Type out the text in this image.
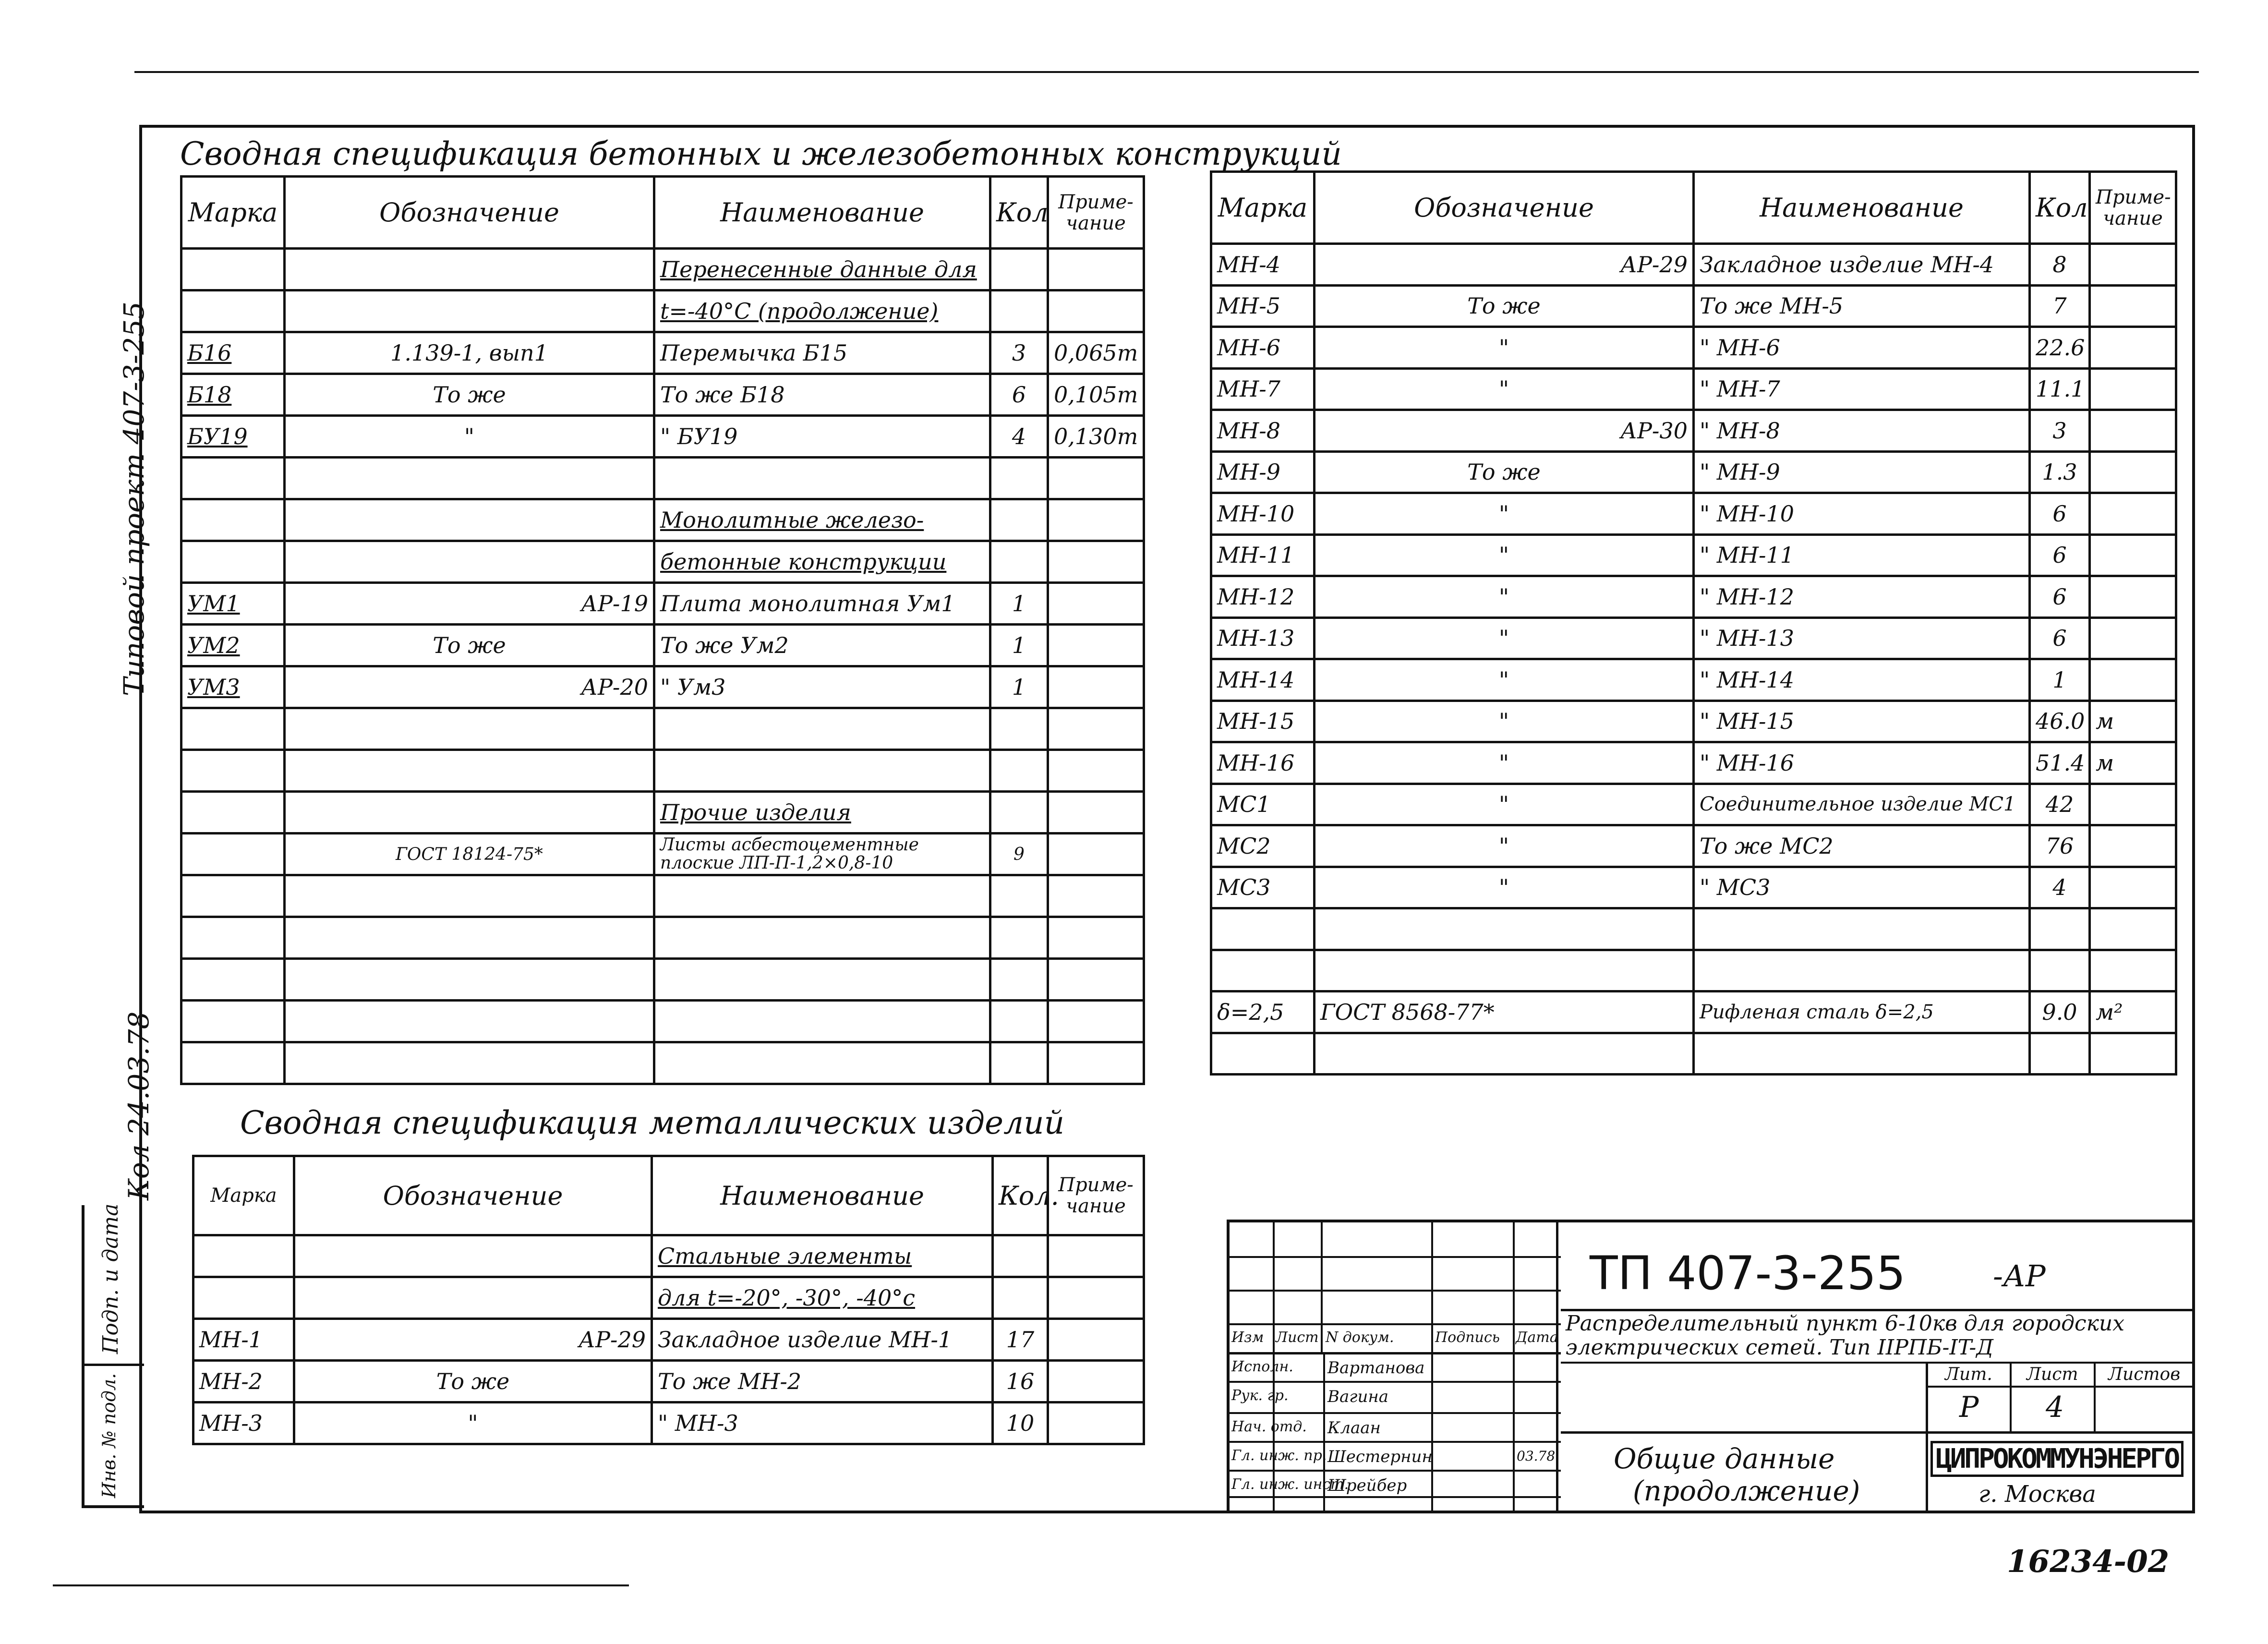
Типовой проект 407-3-255
Кол 24.03.78
Подп. и дата
Инв. № подл.
Сводная спецификация бетонных и железобетонных конструкций
Марка	Обозначение	Наименование	Кол	Приме-чание
		Перенесенные данные для		
		t=-40°С (продолжение)		
Б16	1.139-1, вып1	Перемычка Б15	3	0,065т
Б18	То же	То же Б18	6	0,105т
БУ19	"	" БУ19	4	0,130т

		Монолитные железо-		
		бетонные конструкции		
УМ1	АР-19	Плита монолитная Ум1	1	
УМ2	То же	То же Ум2	1	
УМ3	АР-20	" Ум3	1	

		Прочие изделия		
	ГОСТ 18124-75*	Листы асбестоцементные плоские ЛП-П-1,2×0,8-10	9	

Марка	Обозначение	Наименование	Кол	Приме-чание
МН-4	АР-29	Закладное изделие МН-4	8	
МН-5	То же	То же МН-5	7	
МН-6	"	" МН-6	22.6	
МН-7	"	" МН-7	11.1	
МН-8	АР-30	" МН-8	3	
МН-9	То же	" МН-9	1.3	
МН-10	"	" МН-10	6	
МН-11	"	" МН-11	6	
МН-12	"	" МН-12	6	
МН-13	"	" МН-13	6	
МН-14	"	" МН-14	1	
МН-15	"	" МН-15	46.0	м
МН-16	"	" МН-16	51.4	м
МС1	"	Соединительное изделие МС1	42	
МС2	"	То же МС2	76	
МС3	"	" МС3	4	

δ=2,5	ГОСТ 8568-77*	Рифленая сталь δ=2,5	9.0	м²

Сводная спецификация металлических изделий
Марка	Обозначение	Наименование	Кол.	Приме-чание
		Стальные элементы		
		для t=-20°, -30°, -40°с		
МН-1	АР-29	Закладное изделие МН-1	17	
МН-2	То же	То же МН-2	16	
МН-3	"	" МН-3	10	
Изм Лист N докум.	Подпись Дата
Исполн. Вартанова
Рук. гр. Вагина
Нач. отд. Клаан
Гл. инж. пр. Шестернин	03.78
Гл. инж. инст.
Шрейбер
ТП 407-3-255	-АР
Распределительный пункт 6-10кв для городских электрических сетей. Тип IIРПБ-IT-Д
Лит. Лист Листов
Р 4
Общие данные
(продолжение)
ЦИПРОКОММУНЭНЕРГО
г. Москва
16234-02
